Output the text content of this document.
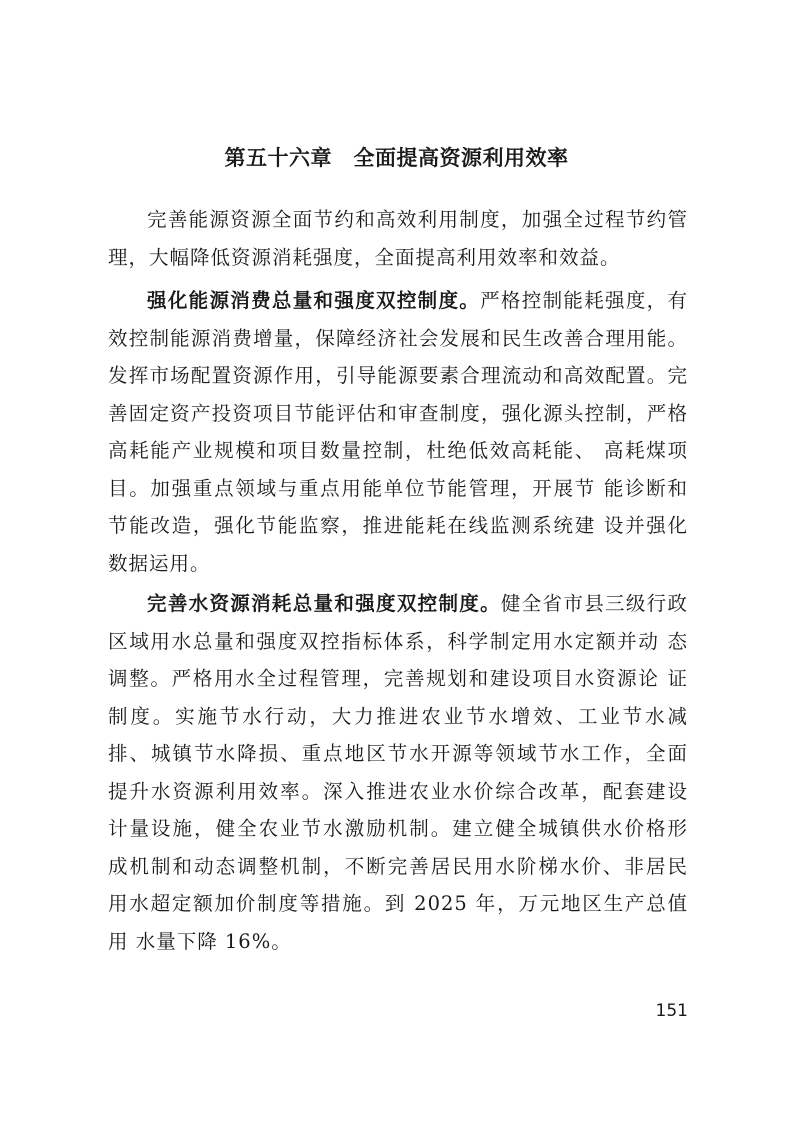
第五十六章　全面提高资源利用效率

完善能源资源全面节约和高效利用制度，加强全过程节约管理，大幅降低资源消耗强度，全面提高利用效率和效益。

强化能源消费总量和强度双控制度。严格控制能耗强度，有效控制能源消费增量，保障经济社会发展和民生改善合理用能。发挥市场配置资源作用，引导能源要素合理流动和高效配置。完善固定资产投资项目节能评估和审查制度，强化源头控制，严格高耗能产业规模和项目数量控制，杜绝低效高耗能、 高耗煤项目。加强重点领域与重点用能单位节能管理，开展节 能诊断和节能改造，强化节能监察，推进能耗在线监测系统建 设并强化数据运用。

完善水资源消耗总量和强度双控制度。健全省市县三级行政区域用水总量和强度双控指标体系，科学制定用水定额并动 态调整。严格用水全过程管理，完善规划和建设项目水资源论 证制度。实施节水行动，大力推进农业节水增效、工业节水减 排、城镇节水降损、重点地区节水开源等领域节水工作，全面 提升水资源利用效率。深入推进农业水价综合改革，配套建设 计量设施，健全农业节水激励机制。建立健全城镇供水价格形 成机制和动态调整机制，不断完善居民用水阶梯水价、非居民 用水超定额加价制度等措施。到 2025 年，万元地区生产总值用 水量下降 16%。

151
